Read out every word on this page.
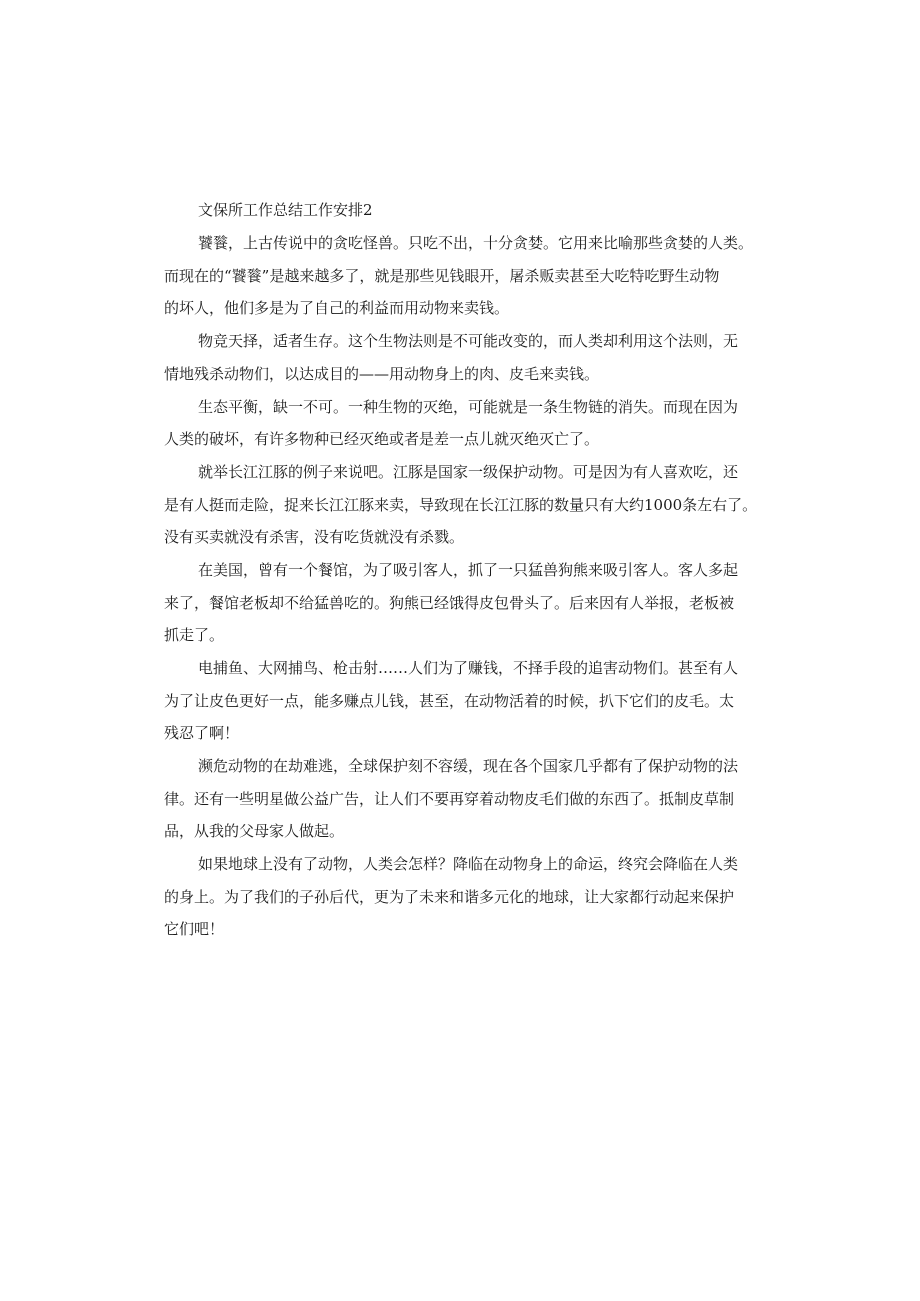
文保所工作总结工作安排2
饕餮，上古传说中的贪吃怪兽。只吃不出，十分贪婪。它用来比喻那些贪婪的人类。
而现在的“饕餮”是越来越多了，就是那些见钱眼开，屠杀贩卖甚至大吃特吃野生动物
的坏人，他们多是为了自己的利益而用动物来卖钱。
物竞天择，适者生存。这个生物法则是不可能改变的，而人类却利用这个法则，无
情地残杀动物们，以达成目的——用动物身上的肉、皮毛来卖钱。
生态平衡，缺一不可。一种生物的灭绝，可能就是一条生物链的消失。而现在因为
人类的破坏，有许多物种已经灭绝或者是差一点儿就灭绝灭亡了。
就举长江江豚的例子来说吧。江豚是国家一级保护动物。可是因为有人喜欢吃，还
是有人挺而走险，捉来长江江豚来卖，导致现在长江江豚的数量只有大约1000条左右了。
没有买卖就没有杀害，没有吃货就没有杀戮。
在美国，曾有一个餐馆，为了吸引客人，抓了一只猛兽狗熊来吸引客人。客人多起
来了，餐馆老板却不给猛兽吃的。狗熊已经饿得皮包骨头了。后来因有人举报，老板被
抓走了。
电捕鱼、大网捕鸟、枪击射……人们为了赚钱，不择手段的追害动物们。甚至有人
为了让皮色更好一点，能多赚点儿钱，甚至，在动物活着的时候，扒下它们的皮毛。太
残忍了啊！
濒危动物的在劫难逃，全球保护刻不容缓，现在各个国家几乎都有了保护动物的法
律。还有一些明星做公益广告，让人们不要再穿着动物皮毛们做的东西了。抵制皮草制
品，从我的父母家人做起。
如果地球上没有了动物，人类会怎样？降临在动物身上的命运，终究会降临在人类
的身上。为了我们的子孙后代，更为了未来和谐多元化的地球，让大家都行动起来保护
它们吧！
